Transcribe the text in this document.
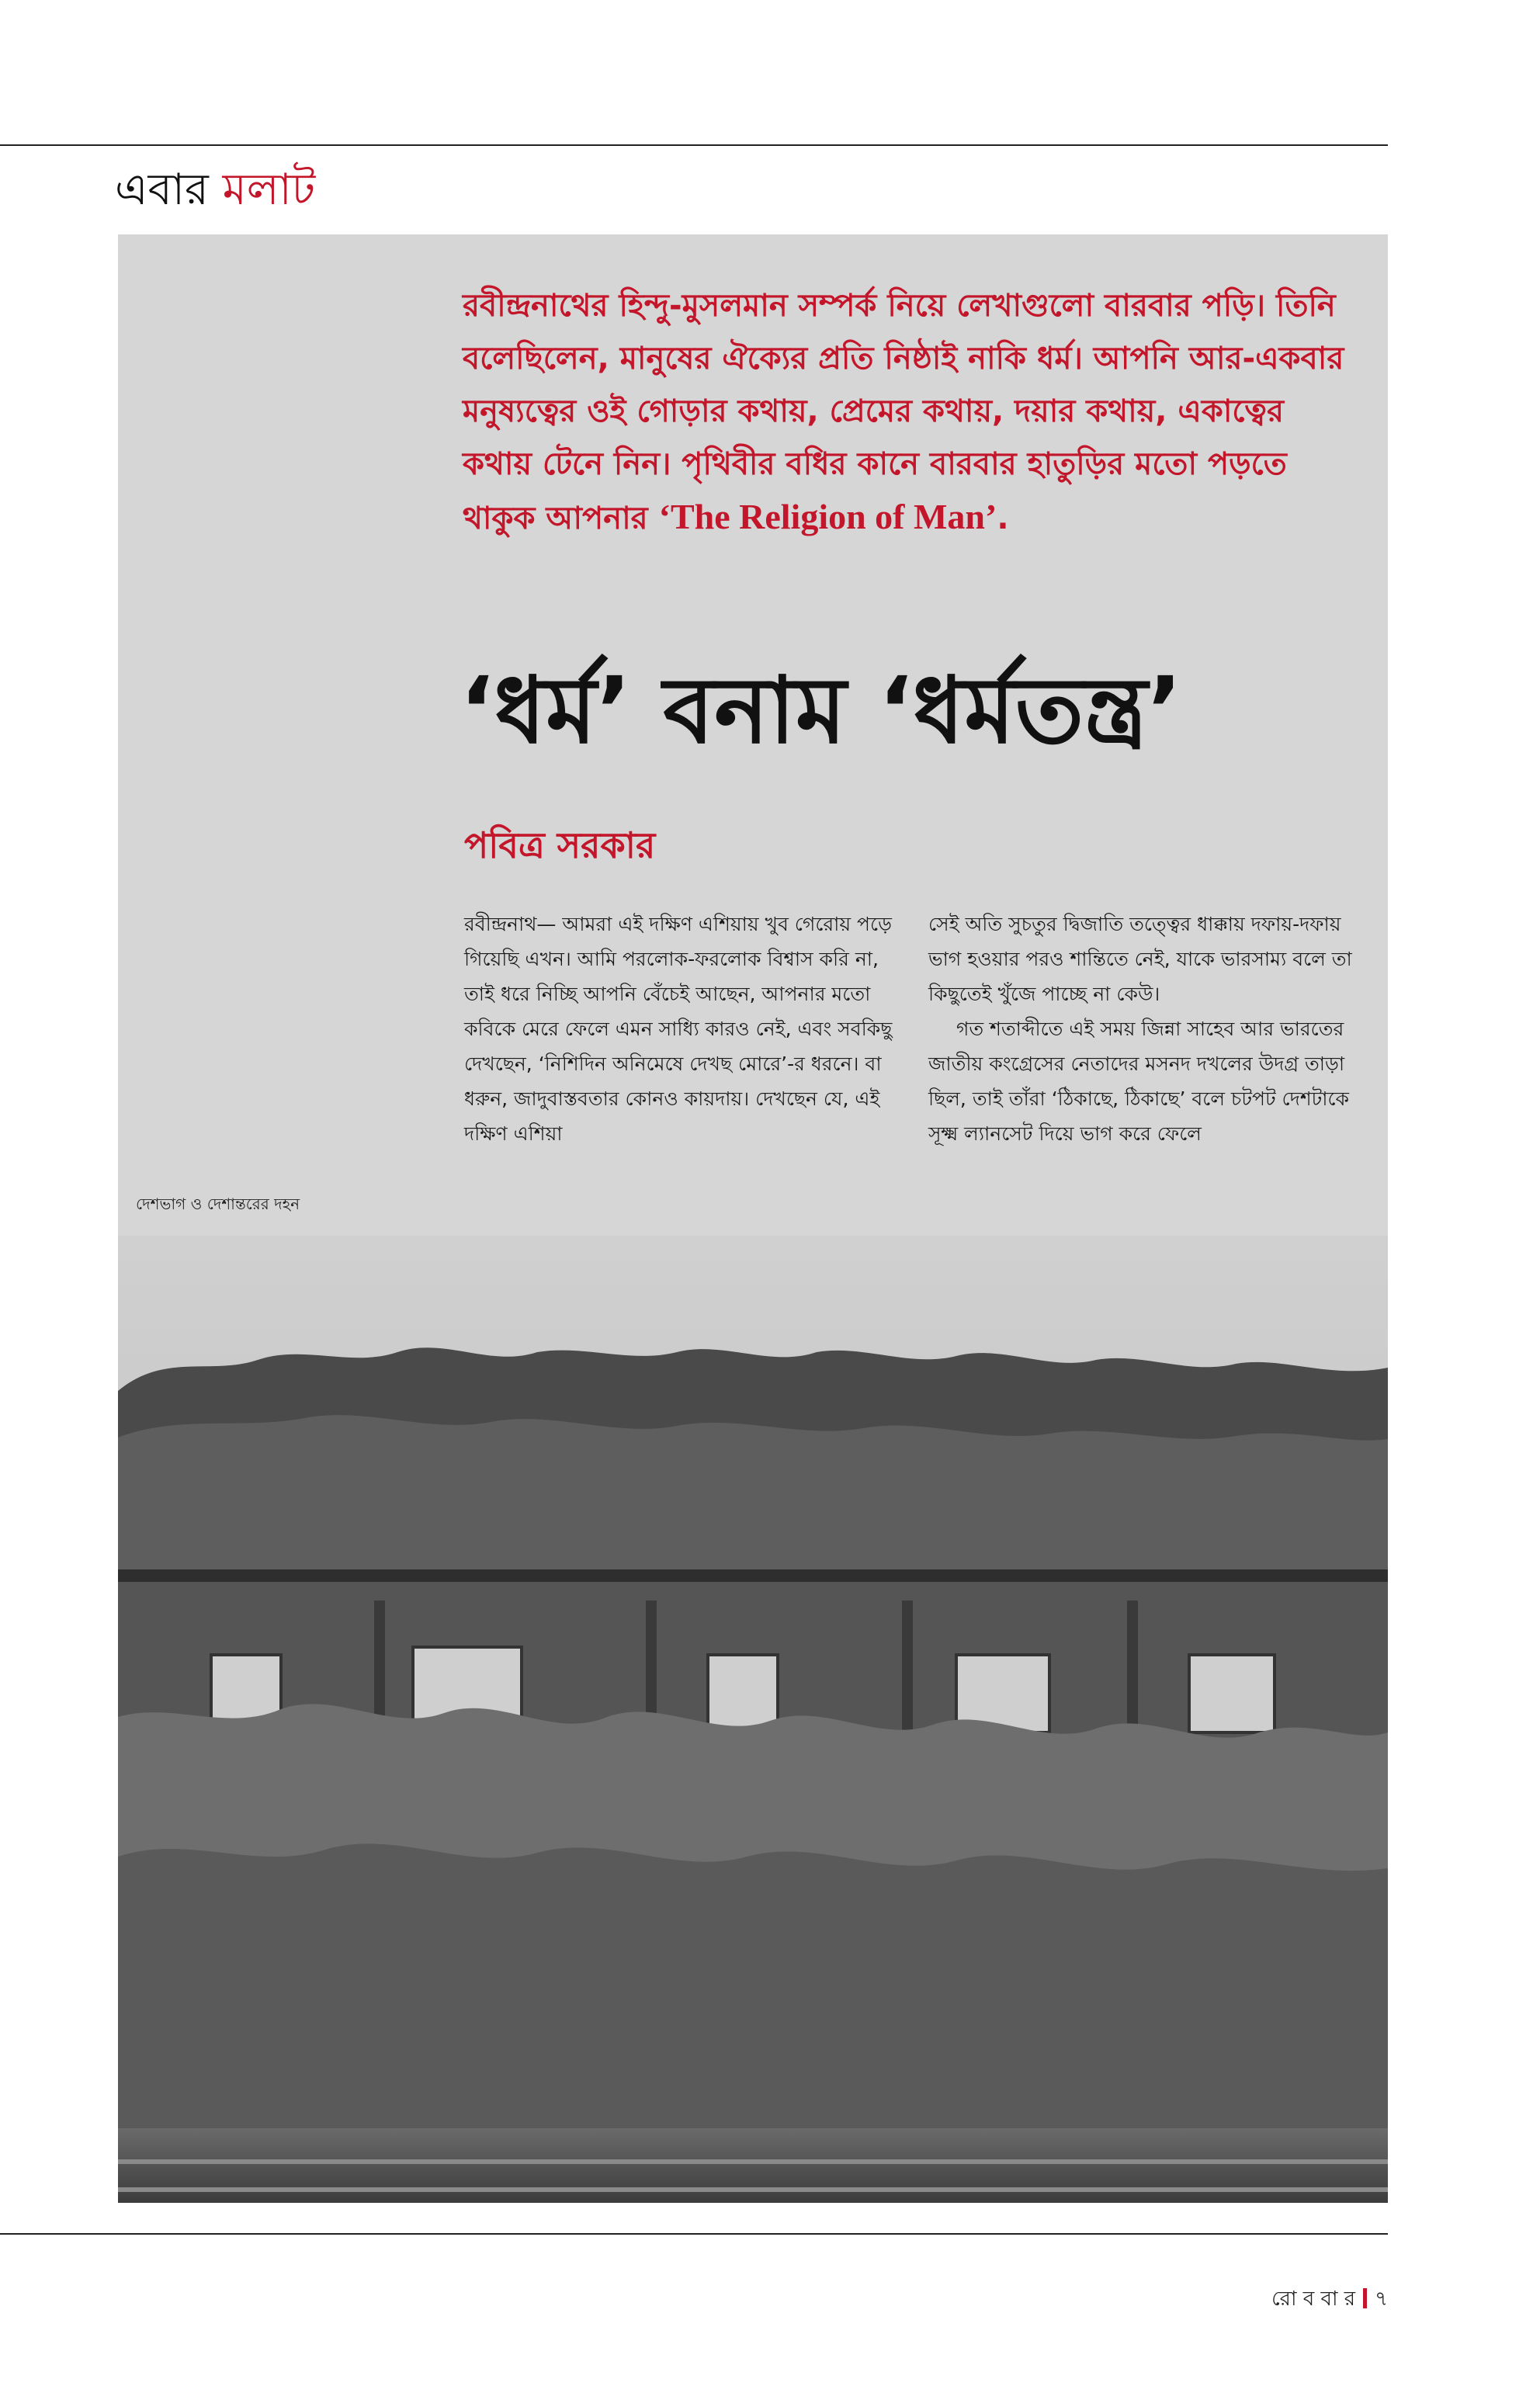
এবার মলাট
রবীন্দ্রনাথের হিন্দু-মুসলমান সম্পর্ক নিয়ে লেখাগুলো বারবার পড়ি। তিনি বলেছিলেন, মানুষের ঐক্যের প্রতি নিষ্ঠাই নাকি ধর্ম। আপনি আর-একবার মনুষ্যত্বের ওই গোড়ার কথায়, প্রেমের কথায়, দয়ার কথায়, একাত্বের কথায় টেনে নিন। পৃথিবীর বধির কানে বারবার হাতুড়ির মতো পড়তে থাকুক আপনার ‘The Religion of Man’.
‘ধর্ম’ বনাম ‘ধর্মতন্ত্র’
পবিত্র সরকার

রবীন্দ্রনাথ— আমরা এই দক্ষিণ এশিয়ায় খুব গেরোয় পড়ে গিয়েছি এখন। আমি পরলোক-ফরলোক বিশ্বাস করি না, তাই ধরে নিচ্ছি আপনি বেঁচেই আছেন, আপনার মতো কবিকে মেরে ফেলে এমন সাধ্যি কারও নেই, এবং সবকিছু দেখছেন, ‘নিশিদিন অনিমেষে দেখছ মোরে’-র ধরনে। বা ধরুন, জাদুবাস্তবতার কোনও কায়দায়। দেখছেন যে, এই দক্ষিণ এশিয়া

সেই অতি সুচতুর দ্বিজাতি তত্ত্বের ধাক্কায় দফায়-দফায় ভাগ হওয়ার পরও শান্তিতে নেই, যাকে ভারসাম্য বলে তা কিছুতেই খুঁজে পাচ্ছে না কেউ।

গত শতাব্দীতে এই সময় জিন্না সাহেব আর ভারতের জাতীয় কংগ্রেসের নেতাদের মসনদ দখলের উদগ্র তাড়া ছিল, তাই তাঁরা ‘ঠিকাছে, ঠিকাছে’ বলে চটপট দেশটাকে সূক্ষ্ম ল্যানসেট দিয়ে ভাগ করে ফেলে

দেশভাগ ও দেশান্তরের দহন
রো ব বা র ৭
